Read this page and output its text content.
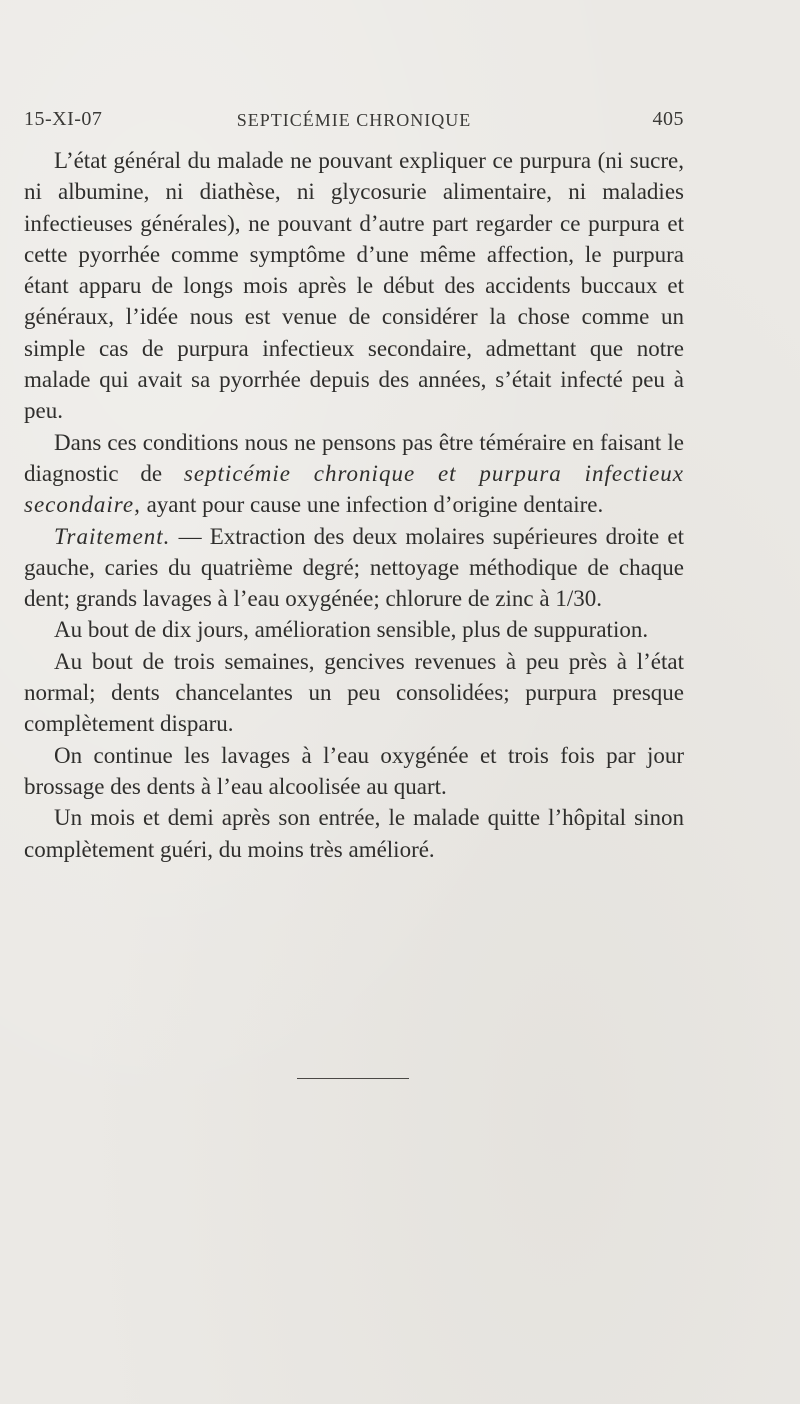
15-XI-07	SEPTICÉMIE CHRONIQUE	405

L’état général du malade ne pouvant expliquer ce purpura (ni sucre, ni albumine, ni diathèse, ni glycosurie alimentaire, ni maladies infectieuses générales), ne pouvant d’autre part regarder ce purpura et cette pyorrhée comme symptôme d’une même affection, le purpura étant apparu de longs mois après le début des accidents buccaux et généraux, l’idée nous est venue de considérer la chose comme un simple cas de purpura infectieux secondaire, admettant que notre malade qui avait sa pyorrhée depuis des années, s’était infecté peu à peu.

Dans ces conditions nous ne pensons pas être téméraire en faisant le diagnostic de septicémie chronique et purpura infectieux secondaire, ayant pour cause une infection d’origine dentaire.

Traitement. — Extraction des deux molaires supérieures droite et gauche, caries du quatrième degré; nettoyage méthodique de chaque dent; grands lavages à l’eau oxygénée; chlorure de zinc à 1/30.

Au bout de dix jours, amélioration sensible, plus de suppuration.

Au bout de trois semaines, gencives revenues à peu près à l’état normal; dents chancelantes un peu consolidées; purpura presque complètement disparu.

On continue les lavages à l’eau oxygénée et trois fois par jour brossage des dents à l’eau alcoolisée au quart.

Un mois et demi après son entrée, le malade quitte l’hôpital sinon complètement guéri, du moins très amélioré.
